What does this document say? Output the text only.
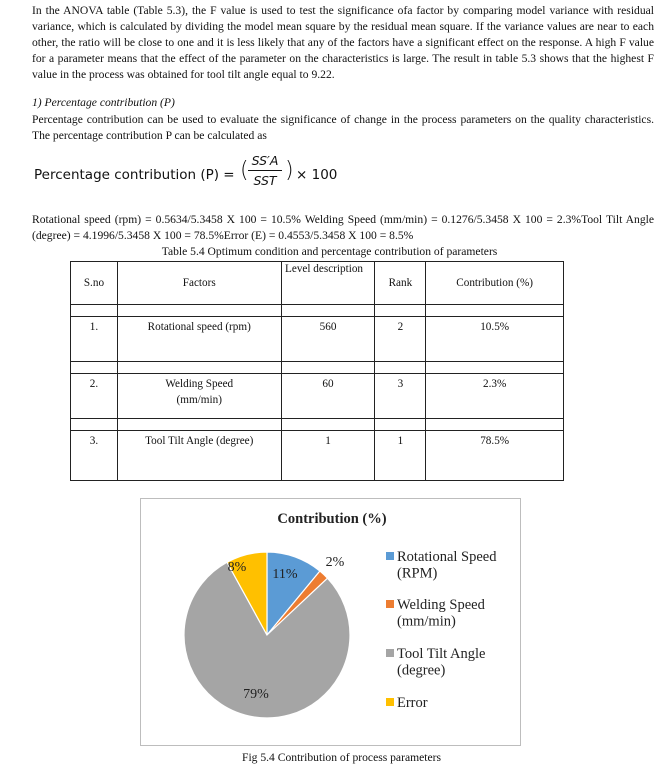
In the ANOVA table (Table 5.3), the F value is used to test the significance ofa factor by comparing model variance with residual variance, which is calculated by dividing the model mean square by the residual mean square. If the variance values are near to each other, the ratio will be close to one and it is less likely that any of the factors have a significant effect on the response. A high F value for a parameter means that the effect of the parameter on the characteristics is large. The result in table 5.3 shows that the highest F value in the process was obtained for tool tilt angle equal to 9.22.
1) Percentage contribution (P)
Percentage contribution can be used to evaluate the significance of change in the process parameters on the quality characteristics. The percentage contribution P can be calculated as
Percentage contribution (P) = ( SS′A
SST ) × 100
Rotational speed (rpm) = 0.5634/5.3458 X 100 = 10.5% Welding Speed (mm/min) = 0.1276/5.3458 X 100 = 2.3%Tool Tilt Angle (degree) = 4.1996/5.3458 X 100 = 78.5%Error (E) = 0.4553/5.3458 X 100 = 8.5%
Table 5.4 Optimum condition and percentage contribution of parameters
S.no	Factors	Level description	Rank	Contribution (%)

1.	Rotational speed (rpm)	560	2	10.5%

2.	Welding Speed (mm/min)	60	3	2.3%

3.	Tool Tilt Angle (degree)	1	1	78.5%
Contribution (%)
11%
2%
79%
8%
Rotational Speed (RPM)
Welding Speed (mm/min)
Tool Tilt Angle (degree)
Error
Fig 5.4 Contribution of process parameters
